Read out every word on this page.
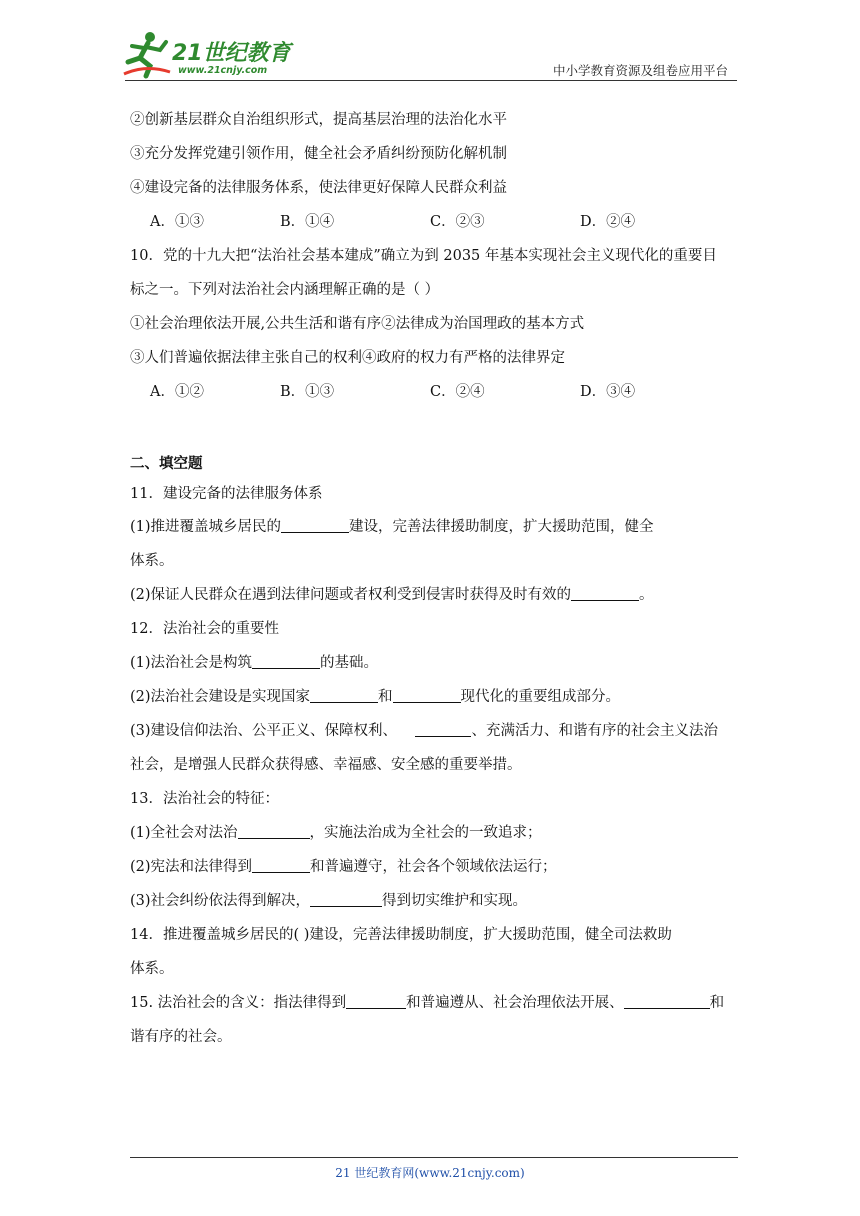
21世纪教育
www.21cnjy.com	中小学教育资源及组卷应用平台
②创新基层群众自治组织形式，提高基层治理的法治化水平
③充分发挥党建引领作用，健全社会矛盾纠纷预防化解机制
④建设完备的法律服务体系，使法律更好保障人民群众利益
A．①③	B．①④	C．②③	D．②④
10．党的十九大把“法治社会基本建成”确立为到 2035 年基本实现社会主义现代化的重要目
标之一。下列对法治社会内涵理解正确的是（ ）
①社会治理依法开展,公共生活和谐有序②法律成为治国理政的基本方式
③人们普遍依据法律主张自己的权利④政府的权力有严格的法律界定
A．①②	B．①③	C．②④	D．③④
二、填空题
11．建设完备的法律服务体系
(1)推进覆盖城乡居民的	建设，完善法律援助制度，扩大援助范围，健全
体系。
(2)保证人民群众在遇到法律问题或者权利受到侵害时获得及时有效的	。
12．法治社会的重要性
(1)法治社会是构筑	的基础。
(2)法治社会建设是实现国家	和	现代化的重要组成部分。
(3)建设信仰法治、公平正义、保障权利、	、充满活力、和谐有序的社会主义法治
社会，是增强人民群众获得感、幸福感、安全感的重要举措。
13．法治社会的特征：
(1)全社会对法治	，实施法治成为全社会的一致追求；
(2)宪法和法律得到	和普遍遵守，社会各个领域依法运行；
(3)社会纠纷依法得到解决，	得到切实维护和实现。
14．推进覆盖城乡居民的( )建设，完善法律援助制度，扩大援助范围，健全司法救助
体系。
15. 法治社会的含义：指法律得到	和普遍遵从、社会治理依法开展、	和
谐有序的社会。
21 世纪教育网(www.21cnjy.com)
